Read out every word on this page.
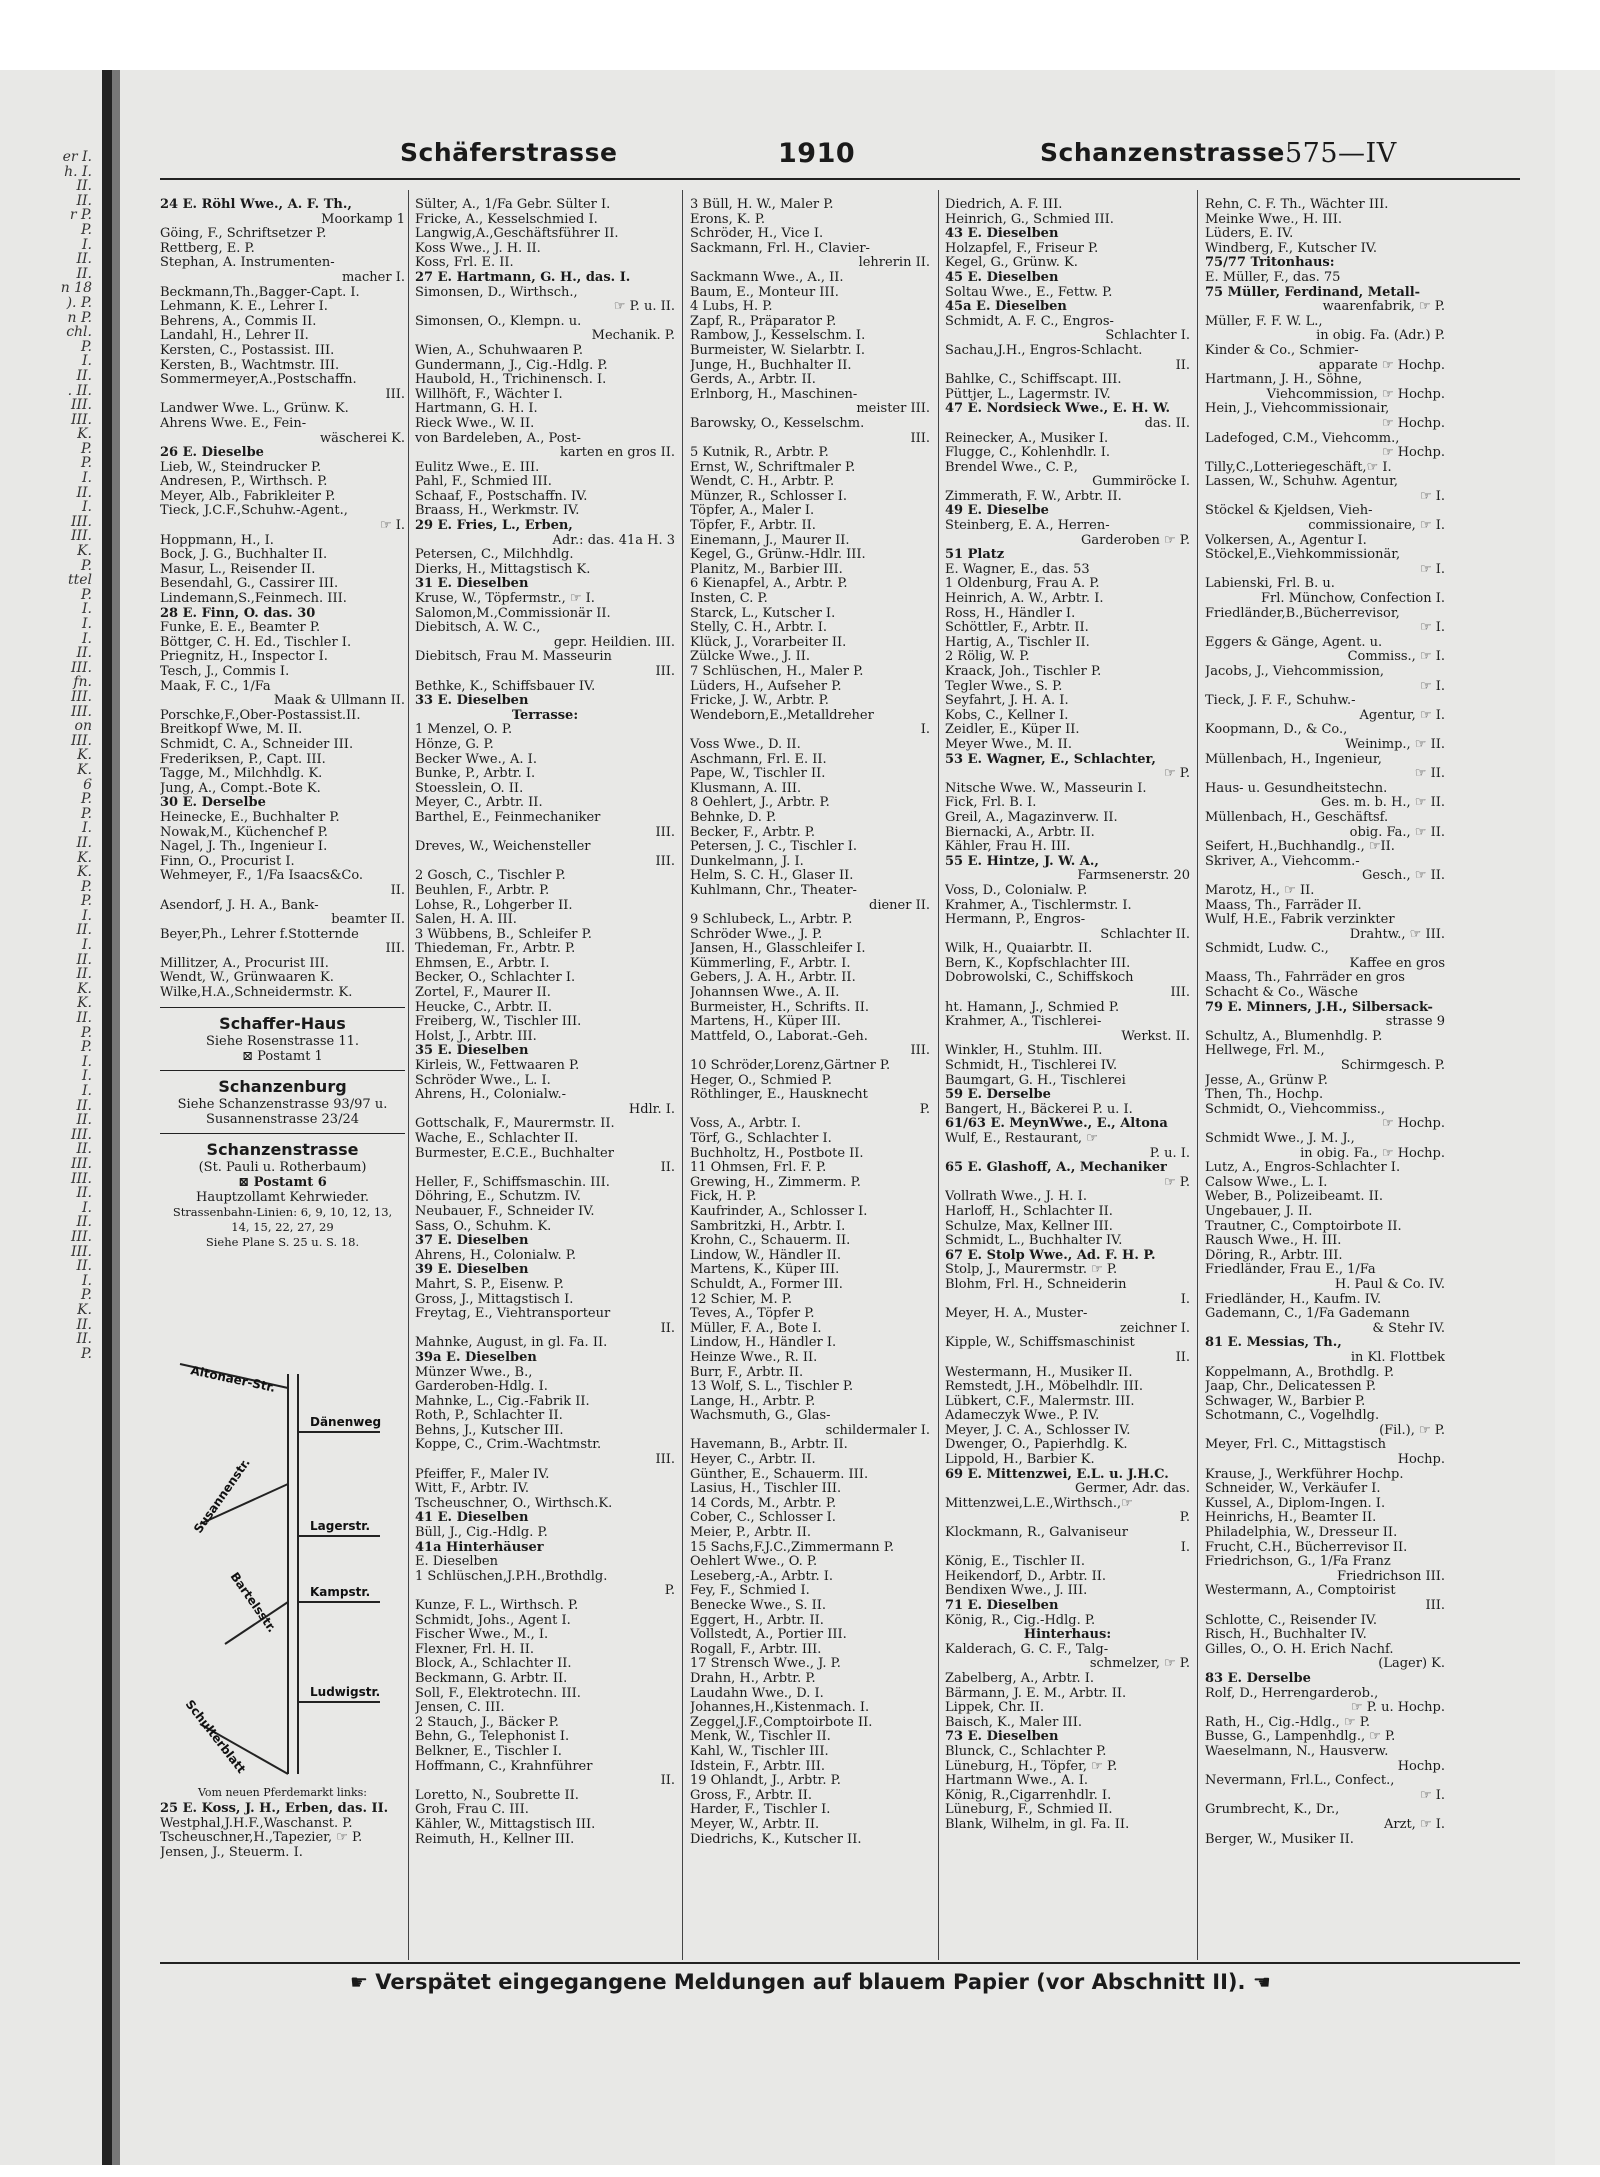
er I.
h. I.
II.
II.
r P.
P.
I.
II.
II.
n 18
). P.
n P.
chl.
P.
I.
II.
. II.
III.
III.
K.
P.
P.
I.
II.
I.
III.
III.
K.
P.
ttel
P.
I.
I.
I.
II.
III.
fn.
III.
III.
on
III.
K.
K.
6
P.
P.
I.
II.
K.
K.
P.
P.
I.
II.
I.
II.
II.
K.
K.
II.
P.
P.
I.
I.
I.
II.
II.
III.
II.
III.
III.
II.
I.
II.
III.
III.
II.
I.
P.
K.
II.
II.
P.
Schäferstrasse	1910	Schanzenstrasse 575—IV
24 E. Röhl Wwe., A. F. Th.,
Moorkamp 1
Göing, F., Schriftsetzer P.
Rettberg, E. P.
Stephan, A. Instrumenten-
macher I.
Beckmann,Th.,Bagger-Capt. I.
Lehmann, K. E., Lehrer I.
Behrens, A., Commis II.
Landahl, H., Lehrer II.
Kersten, C., Postassist. III.
Kersten, B., Wachtmstr. III.
Sommermeyer,A.,Postschaffn.
III.
Landwer Wwe. L., Grünw. K.
Ahrens Wwe. E., Fein-
wäscherei K.
26 E. Dieselbe
Lieb, W., Steindrucker P.
Andresen, P., Wirthsch. P.
Meyer, Alb., Fabrikleiter P.
Tieck, J.C.F.,Schuhw.-Agent.,
☞ I.
Hoppmann, H., I.
Bock, J. G., Buchhalter II.
Masur, L., Reisender II.
Besendahl, G., Cassirer III.
Lindemann,S.,Feinmech. III.
28 E. Finn, O. das. 30
Funke, E. E., Beamter P.
Böttger, C. H. Ed., Tischler I.
Priegnitz, H., Inspector I.
Tesch, J., Commis I.
Maak, F. C., 1/Fa
Maak & Ullmann II.
Porschke,F.,Ober-Postassist.II.
Breitkopf Wwe, M. II.
Schmidt, C. A., Schneider III.
Frederiksen, P., Capt. III.
Tagge, M., Milchhdlg. K.
Jung, A., Compt.-Bote K.
30 E. Derselbe
Heinecke, E., Buchhalter P.
Nowak,M., Küchenchef P.
Nagel, J. Th., Ingenieur I.
Finn, O., Procurist I.
Wehmeyer, F., 1/Fa Isaacs&Co.
II.
Asendorf, J. H. A., Bank-
beamter II.
Beyer,Ph., Lehrer f.Stotternde
III.
Millitzer, A., Procurist III.
Wendt, W., Grünwaaren K.
Wilke,H.A.,Schneidermstr. K.
Schaffer-Haus
Siehe Rosenstrasse 11.
⊠ Postamt 1
Schanzenburg
Siehe Schanzenstrasse 93/97 u.
Susannenstrasse 23/24
Schanzenstrasse
(St. Pauli u. Rotherbaum)
⊠ Postamt 6
Hauptzollamt Kehrwieder.
Strassenbahn-Linien: 6, 9, 10, 12, 13,
14, 15, 22, 27, 29
Siehe Plane S. 25 u. S. 18.
Altonaer-Str.
Dänenweg
Susannenstr.	Lagerstr.
Bartelsstr.	Kampstr.
Ludwigstr.
Schulterblatt
Vom neuen Pferdemarkt links:
25 E. Koss, J. H., Erben, das. II.
Westphal,J.H.F.,Waschanst. P.
Tscheuschner,H.,Tapezier, ☞ P.
Jensen, J., Steuerm. I.
Sülter, A., 1/Fa Gebr. Sülter I.
Fricke, A., Kesselschmied I.
Langwig,A.,Geschäftsführer II.
Koss Wwe., J. H. II.
Koss, Frl. E. II.
27 E. Hartmann, G. H., das. I.
Simonsen, D., Wirthsch.,
☞ P. u. II.
Simonsen, O., Klempn. u.
Mechanik. P.
Wien, A., Schuhwaaren P.
Gundermann, J., Cig.-Hdlg. P.
Haubold, H., Trichinensch. I.
Willhöft, F., Wächter I.
Hartmann, G. H. I.
Rieck Wwe., W. II.
von Bardeleben, A., Post-
karten en gros II.
Eulitz Wwe., E. III.
Pahl, F., Schmied III.
Schaaf, F., Postschaffn. IV.
Braass, H., Werkmstr. IV.
29 E. Fries, L., Erben,
Adr.: das. 41a H. 3
Petersen, C., Milchhdlg.
Dierks, H., Mittagstisch K.
31 E. Dieselben
Kruse, W., Töpfermstr., ☞ I.
Salomon,M.,Commissionär II.
Diebitsch, A. W. C.,
gepr. Heildien. III.
Diebitsch, Frau M. Masseurin
III.
Bethke, K., Schiffsbauer IV.
33 E. Dieselben
Terrasse:
1 Menzel, O. P.
Hönze, G. P.
Becker Wwe., A. I.
Bunke, P., Arbtr. I.
Stoesslein, O. II.
Meyer, C., Arbtr. II.
Barthel, E., Feinmechaniker
III.
Dreves, W., Weichensteller
III.
2 Gosch, C., Tischler P.
Beuhlen, F., Arbtr. P.
Lohse, R., Lohgerber II.
Salen, H. A. III.
3 Wübbens, B., Schleifer P.
Thiedeman, Fr., Arbtr. P.
Ehmsen, E., Arbtr. I.
Becker, O., Schlachter I.
Zortel, F., Maurer II.
Heucke, C., Arbtr. II.
Freiberg, W., Tischler III.
Holst, J., Arbtr. III.
35 E. Dieselben
Kirleis, W., Fettwaaren P.
Schröder Wwe., L. I.
Ahrens, H., Colonialw.-
Hdlr. I.
Gottschalk, F., Maurermstr. II.
Wache, E., Schlachter II.
Burmester, E.C.E., Buchhalter
II.
Heller, F., Schiffsmaschin. III.
Döhring, E., Schutzm. IV.
Neubauer, F., Schneider IV.
Sass, O., Schuhm. K.
37 E. Dieselben
Ahrens, H., Colonialw. P.
39 E. Dieselben
Mahrt, S. P., Eisenw. P.
Gross, J., Mittagstisch I.
Freytag, E., Viehtransporteur
II.
Mahnke, August, in gl. Fa. II.
39a E. Dieselben
Münzer Wwe., B.,
Garderoben-Hdlg. I.
Mahnke, L., Cig.-Fabrik II.
Roth, P., Schlachter II.
Behns, J., Kutscher III.
Koppe, C., Crim.-Wachtmstr.
III.
Pfeiffer, F., Maler IV.
Witt, F., Arbtr. IV.
Tscheuschner, O., Wirthsch.K.
41 E. Dieselben
Büll, J., Cig.-Hdlg. P.
41a Hinterhäuser
E. Dieselben
1 Schlüschen,J.P.H.,Brothdlg.
P.
Kunze, F. L., Wirthsch. P.
Schmidt, Johs., Agent I.
Fischer Wwe., M., I.
Flexner, Frl. H. II.
Block, A., Schlachter II.
Beckmann, G. Arbtr. II.
Soll, F., Elektrotechn. III.
Jensen, C. III.
2 Stauch, J., Bäcker P.
Behn, G., Telephonist I.
Belkner, E., Tischler I.
Hoffmann, C., Krahnführer
II.
Loretto, N., Soubrette II.
Groh, Frau C. III.
Kähler, W., Mittagstisch III.
Reimuth, H., Kellner III.
3 Büll, H. W., Maler P.
Erons, K. P.
Schröder, H., Vice I.
Sackmann, Frl. H., Clavier-
lehrerin II.
Sackmann Wwe., A., II.
Baum, E., Monteur III.
4 Lubs, H. P.
Zapf, R., Präparator P.
Rambow, J., Kesselschm. I.
Burmeister, W. Sielarbtr. I.
Junge, H., Buchhalter II.
Gerds, A., Arbtr. II.
Erlnborg, H., Maschinen-
meister III.
Barowsky, O., Kesselschm.
III.
5 Kutnik, R., Arbtr. P.
Ernst, W., Schriftmaler P.
Wendt, C. H., Arbtr. P.
Münzer, R., Schlosser I.
Töpfer, A., Maler I.
Töpfer, F., Arbtr. II.
Einemann, J., Maurer II.
Kegel, G., Grünw.-Hdlr. III.
Planitz, M., Barbier III.
6 Kienapfel, A., Arbtr. P.
Insten, C. P.
Starck, L., Kutscher I.
Stelly, C. H., Arbtr. I.
Klück, J., Vorarbeiter II.
Zülcke Wwe., J. II.
7 Schlüschen, H., Maler P.
Lüders, H., Aufseher P.
Fricke, J. W., Arbtr. P.
Wendeborn,E.,Metalldreher
I.
Voss Wwe., D. II.
Aschmann, Frl. E. II.
Pape, W., Tischler II.
Klusmann, A. III.
8 Oehlert, J., Arbtr. P.
Behnke, D. P.
Becker, F., Arbtr. P.
Petersen, J. C., Tischler I.
Dunkelmann, J. I.
Helm, S. C. H., Glaser II.
Kuhlmann, Chr., Theater-
diener II.
9 Schlubeck, L., Arbtr. P.
Schröder Wwe., J. P.
Jansen, H., Glasschleifer I.
Kümmerling, F., Arbtr. I.
Gebers, J. A. H., Arbtr. II.
Johannsen Wwe., A. II.
Burmeister, H., Schrifts. II.
Martens, H., Küper III.
Mattfeld, O., Laborat.-Geh.
III.
10 Schröder,Lorenz,Gärtner P.
Heger, O., Schmied P.
Röthlinger, E., Hausknecht
P.
Voss, A., Arbtr. I.
Törf, G., Schlachter I.
Buchholtz, H., Postbote II.
11 Ohmsen, Frl. F. P.
Grewing, H., Zimmerm. P.
Fick, H. P.
Kaufrinder, A., Schlosser I.
Sambritzki, H., Arbtr. I.
Krohn, C., Schauerm. II.
Lindow, W., Händler II.
Martens, K., Küper III.
Schuldt, A., Former III.
12 Schier, M. P.
Teves, A., Töpfer P.
Müller, F. A., Bote I.
Lindow, H., Händler I.
Heinze Wwe., R. II.
Burr, F., Arbtr. II.
13 Wolf, S. L., Tischler P.
Lange, H., Arbtr. P.
Wachsmuth, G., Glas-
schildermaler I.
Havemann, B., Arbtr. II.
Heyer, C., Arbtr. II.
Günther, E., Schauerm. III.
Lasius, H., Tischler III.
14 Cords, M., Arbtr. P.
Cober, C., Schlosser I.
Meier, P., Arbtr. II.
15 Sachs,F.J.C.,Zimmermann P.
Oehlert Wwe., O. P.
Leseberg,-A., Arbtr. I.
Fey, F., Schmied I.
Benecke Wwe., S. II.
Eggert, H., Arbtr. II.
Vollstedt, A., Portier III.
Rogall, F., Arbtr. III.
17 Strensch Wwe., J. P.
Drahn, H., Arbtr. P.
Laudahn Wwe., D. I.
Johannes,H.,Kistenmach. I.
Zeggel,J.F.,Comptoirbote II.
Menk, W., Tischler II.
Kahl, W., Tischler III.
Idstein, F., Arbtr. III.
19 Ohlandt, J., Arbtr. P.
Gross, F., Arbtr. II.
Harder, F., Tischler I.
Meyer, W., Arbtr. II.
Diedrichs, K., Kutscher II.
Diedrich, A. F. III.
Heinrich, G., Schmied III.
43 E. Dieselben
Holzapfel, F., Friseur P.
Kegel, G., Grünw. K.
45 E. Dieselben
Soltau Wwe., E., Fettw. P.
45a E. Dieselben
Schmidt, A. F. C., Engros-
Schlachter I.
Sachau,J.H., Engros-Schlacht.
II.
Bahlke, C., Schiffscapt. III.
Püttjer, L., Lagermstr. IV.
47 E. Nordsieck Wwe., E. H. W.
das. II.
Reinecker, A., Musiker I.
Flugge, C., Kohlenhdlr. I.
Brendel Wwe., C. P.,
Gummiröcke I.
Zimmerath, F. W., Arbtr. II.
49 E. Dieselbe
Steinberg, E. A., Herren-
Garderoben ☞ P.
51 Platz
E. Wagner, E., das. 53
1 Oldenburg, Frau A. P.
Heinrich, A. W., Arbtr. I.
Ross, H., Händler I.
Schöttler, F., Arbtr. II.
Hartig, A., Tischler II.
2 Rölig, W. P.
Kraack, Joh., Tischler P.
Tegler Wwe., S. P.
Seyfahrt, J. H. A. I.
Kobs, C., Kellner I.
Zeidler, E., Küper II.
Meyer Wwe., M. II.
53 E. Wagner, E., Schlachter,
☞ P.
Nitsche Wwe. W., Masseurin I.
Fick, Frl. B. I.
Greil, A., Magazinverw. II.
Biernacki, A., Arbtr. II.
Kähler, Frau H. III.
55 E. Hintze, J. W. A.,
Farmsenerstr. 20
Voss, D., Colonialw. P.
Krahmer, A., Tischlermstr. I.
Hermann, P., Engros-
Schlachter II.
Wilk, H., Quaiarbtr. II.
Bern, K., Kopfschlachter III.
Dobrowolski, C., Schiffskoch
III.
ht. Hamann, J., Schmied P.
Krahmer, A., Tischlerei-
Werkst. II.
Winkler, H., Stuhlm. III.
Schmidt, H., Tischlerei IV.
Baumgart, G. H., Tischlerei
59 E. Derselbe
Bangert, H., Bäckerei P. u. I.
61/63 E. MeynWwe., E., Altona
Wulf, E., Restaurant, ☞
P. u. I.
65 E. Glashoff, A., Mechaniker
☞ P.
Vollrath Wwe., J. H. I.
Harloff, H., Schlachter II.
Schulze, Max, Kellner III.
Schmidt, L., Buchhalter IV.
67 E. Stolp Wwe., Ad. F. H. P.
Stolp, J., Maurermstr. ☞ P.
Blohm, Frl. H., Schneiderin
I.
Meyer, H. A., Muster-
zeichner I.
Kipple, W., Schiffsmaschinist
II.
Westermann, H., Musiker II.
Remstedt, J.H., Möbelhdlr. III.
Lübkert, C.F., Malermstr. III.
Adameczyk Wwe., P. IV.
Meyer, J. C. A., Schlosser IV.
Dwenger, O., Papierhdlg. K.
Lippold, H., Barbier K.
69 E. Mittenzwei, E.L. u. J.H.C.
Germer, Adr. das.
Mittenzwei,L.E.,Wirthsch.,☞
P.
Klockmann, R., Galvaniseur
I.
König, E., Tischler II.
Heikendorf, D., Arbtr. II.
Bendixen Wwe., J. III.
71 E. Dieselben
König, R., Cig.-Hdlg. P.
Hinterhaus:
Kalderach, G. C. F., Talg-
schmelzer, ☞ P.
Zabelberg, A., Arbtr. I.
Bärmann, J. E. M., Arbtr. II.
Lippek, Chr. II.
Baisch, K., Maler III.
73 E. Dieselben
Blunck, C., Schlachter P.
Lüneburg, H., Töpfer, ☞ P.
Hartmann Wwe., A. I.
König, R.,Cigarrenhdlr. I.
Lüneburg, F., Schmied II.
Blank, Wilhelm, in gl. Fa. II.
Rehn, C. F. Th., Wächter III.
Meinke Wwe., H. III.
Lüders, E. IV.
Windberg, F., Kutscher IV.
75/77 Tritonhaus:
E. Müller, F., das. 75
75 Müller, Ferdinand, Metall-
waarenfabrik, ☞ P.
Müller, F. F. W. L.,
in obig. Fa. (Adr.) P.
Kinder & Co., Schmier-
apparate ☞ Hochp.
Hartmann, J. H., Söhne,
Viehcommission, ☞ Hochp.
Hein, J., Viehcommissionair,
☞ Hochp.
Ladefoged, C.M., Viehcomm.,
☞ Hochp.
Tilly,C.,Lotteriegeschäft,☞ I.
Lassen, W., Schuhw. Agentur,
☞ I.
Stöckel & Kjeldsen, Vieh-
commissionaire, ☞ I.
Volkersen, A., Agentur I.
Stöckel,E.,Viehkommissionär,
☞ I.
Labienski, Frl. B. u.
Frl. Münchow, Confection I.
Friedländer,B.,Bücherrevisor,
☞ I.
Eggers & Gänge, Agent. u.
Commiss., ☞ I.
Jacobs, J., Viehcommission,
☞ I.
Tieck, J. F. F., Schuhw.-
Agentur, ☞ I.
Koopmann, D., & Co.,
Weinimp., ☞ II.
Müllenbach, H., Ingenieur,
☞ II.
Haus- u. Gesundheitstechn.
Ges. m. b. H., ☞ II.
Müllenbach, H., Geschäftsf.
obig. Fa., ☞ II.
Seifert, H.,Buchhandlg., ☞II.
Skriver, A., Viehcomm.-
Gesch., ☞ II.
Marotz, H., ☞ II.
Maass, Th., Farräder II.
Wulf, H.E., Fabrik verzinkter
Drahtw., ☞ III.
Schmidt, Ludw. C.,
Kaffee en gros
Maass, Th., Fahrräder en gros
Schacht & Co., Wäsche
79 E. Minners, J.H., Silbersack-
strasse 9
Schultz, A., Blumenhdlg. P.
Hellwege, Frl. M.,
Schirmgesch. P.
Jesse, A., Grünw P.
Then, Th., Hochp.
Schmidt, O., Viehcommiss.,
☞ Hochp.
Schmidt Wwe., J. M. J.,
in obig. Fa., ☞ Hochp.
Lutz, A., Engros-Schlachter I.
Calsow Wwe., L. I.
Weber, B., Polizeibeamt. II.
Ungebauer, J. II.
Trautner, C., Comptoirbote II.
Rausch Wwe., H. III.
Döring, R., Arbtr. III.
Friedländer, Frau E., 1/Fa
H. Paul & Co. IV.
Friedländer, H., Kaufm. IV.
Gademann, C., 1/Fa Gademann
& Stehr IV.
81 E. Messias, Th.,
in Kl. Flottbek
Koppelmann, A., Brothdlg. P.
Jaap, Chr., Delicatessen P.
Schwager, W., Barbier P.
Schotmann, C., Vogelhdlg.
(Fil.), ☞ P.
Meyer, Frl. C., Mittagstisch
Hochp.
Krause, J., Werkführer Hochp.
Schneider, W., Verkäufer I.
Kussel, A., Diplom-Ingen. I.
Heinrichs, H., Beamter II.
Philadelphia, W., Dresseur II.
Frucht, C.H., Bücherrevisor II.
Friedrichson, G., 1/Fa Franz
Friedrichson III.
Westermann, A., Comptoirist
III.
Schlotte, C., Reisender IV.
Risch, H., Buchhalter IV.
Gilles, O., O. H. Erich Nachf.
(Lager) K.
83 E. Derselbe
Rolf, D., Herrengarderob.,
☞ P. u. Hochp.
Rath, H., Cig.-Hdlg., ☞ P.
Busse, G., Lampenhdlg., ☞ P.
Waeselmann, N., Hausverw.
Hochp.
Nevermann, Frl.L., Confect.,
☞ I.
Grumbrecht, K., Dr.,
Arzt, ☞ I.
Berger, W., Musiker II.
☛ Verspätet eingegangene Meldungen auf blauem Papier (vor Abschnitt II). ☚
